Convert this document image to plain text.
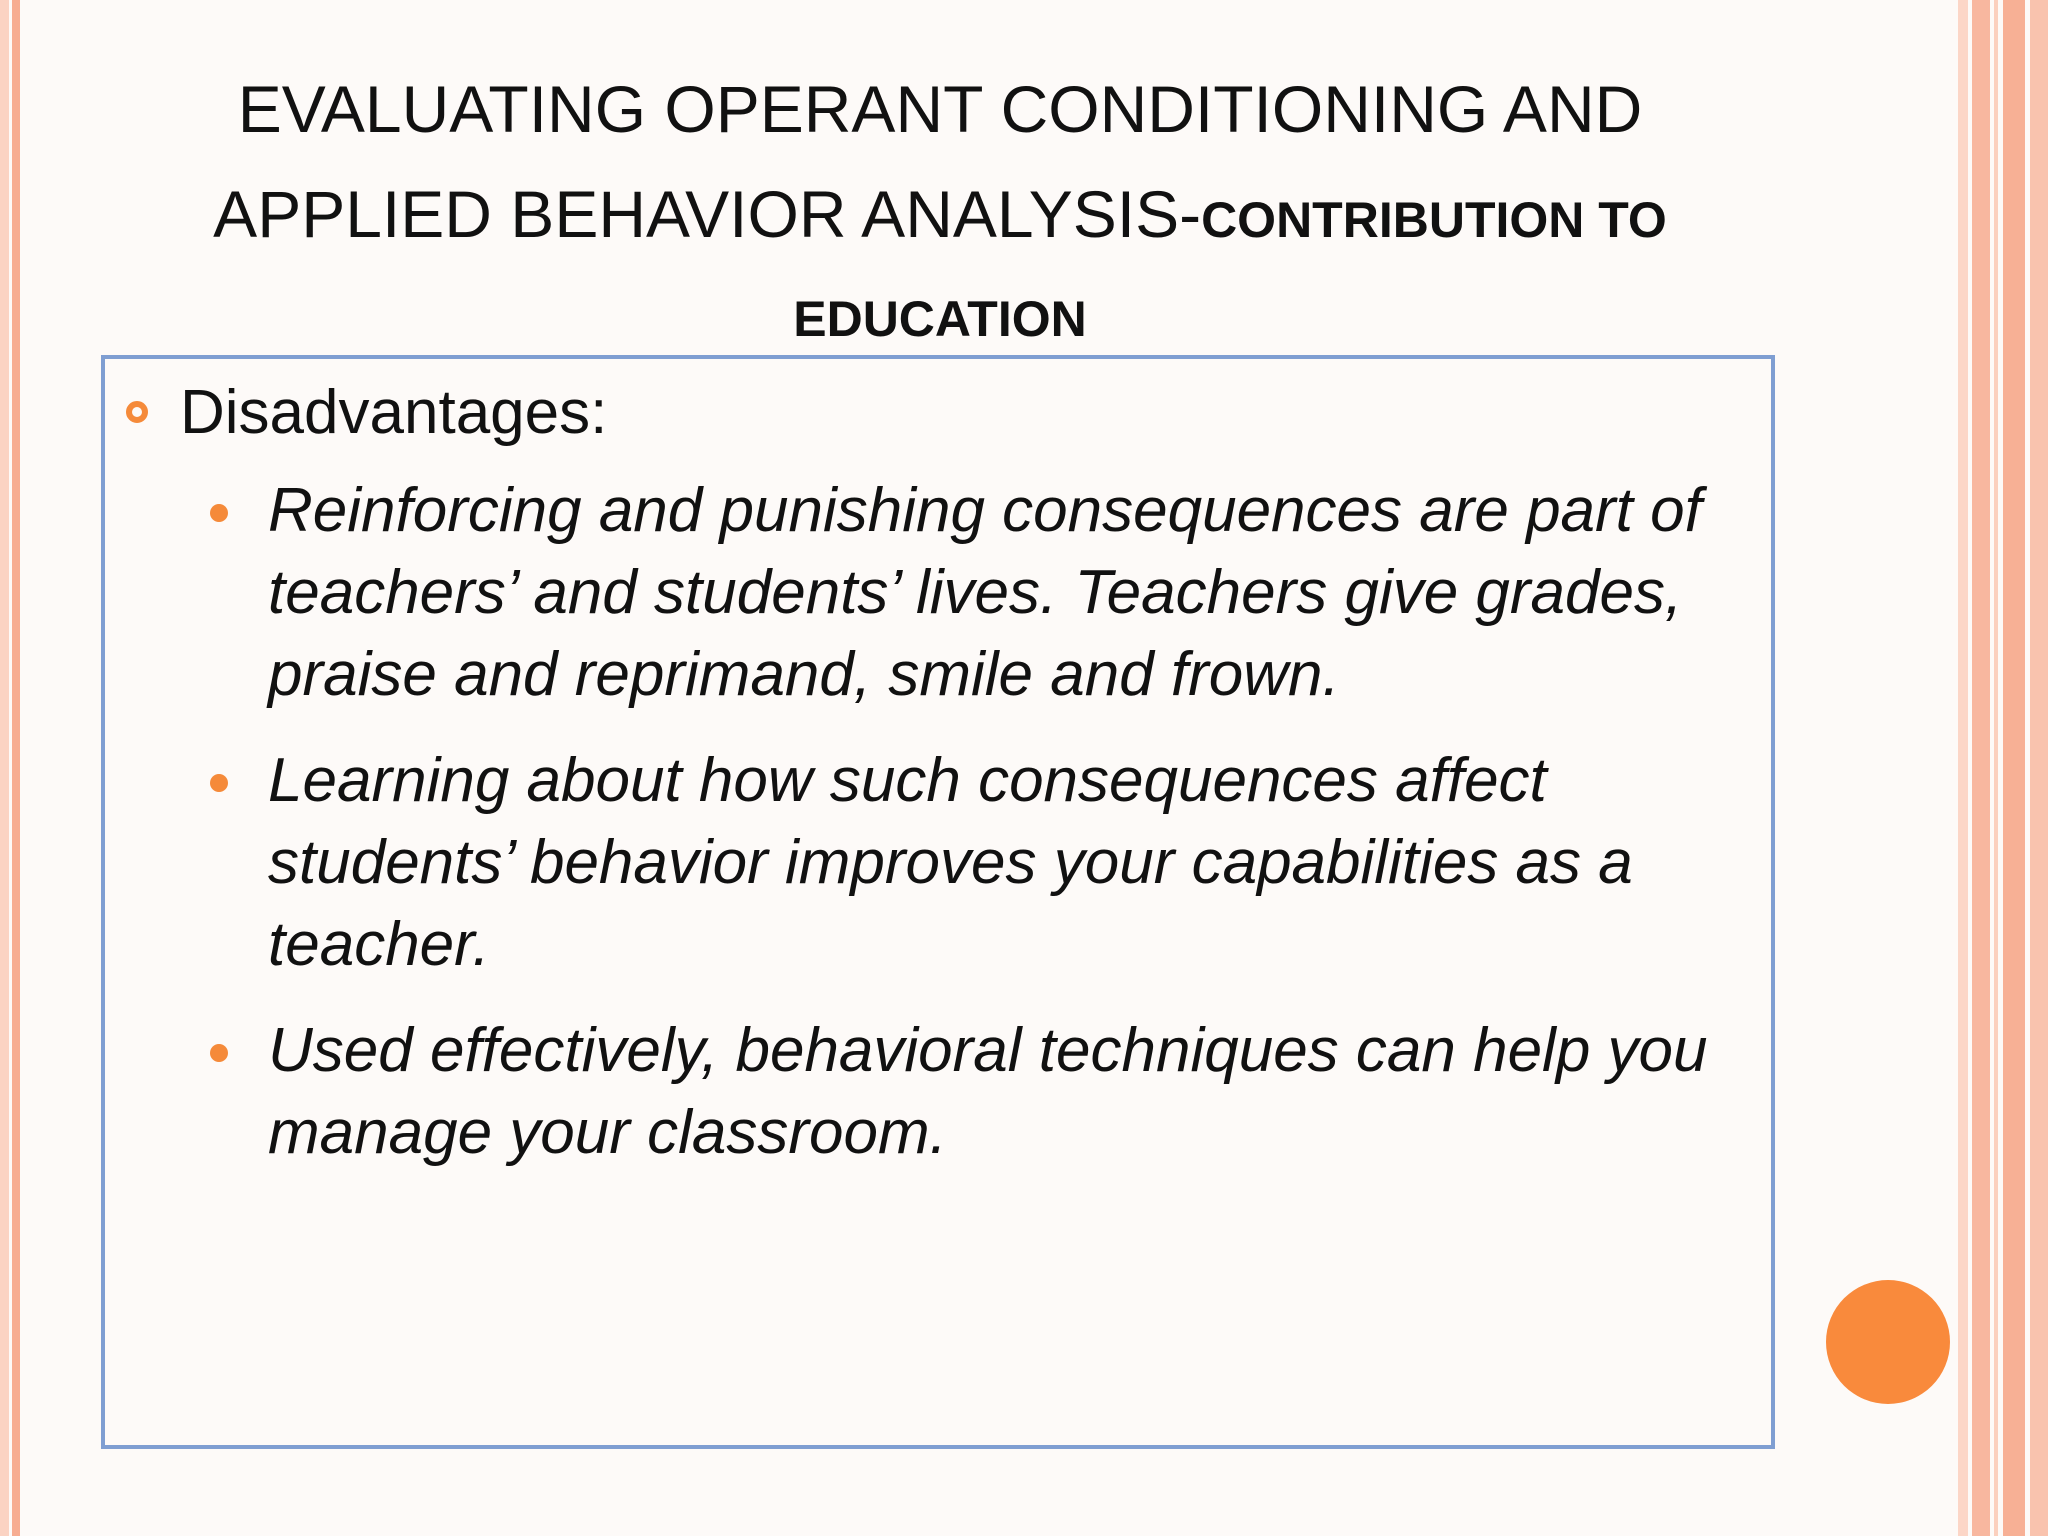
EVALUATING OPERANT CONDITIONING AND
APPLIED BEHAVIOR ANALYSIS-CONTRIBUTION TO
EDUCATION
Disadvantages:
Reinforcing and punishing consequences are part of teachers’ and students’ lives. Teachers give grades, praise and reprimand, smile and frown.
Learning about how such consequences affect students’ behavior improves your capabilities as a teacher.
Used effectively, behavioral techniques can help you manage your classroom.
